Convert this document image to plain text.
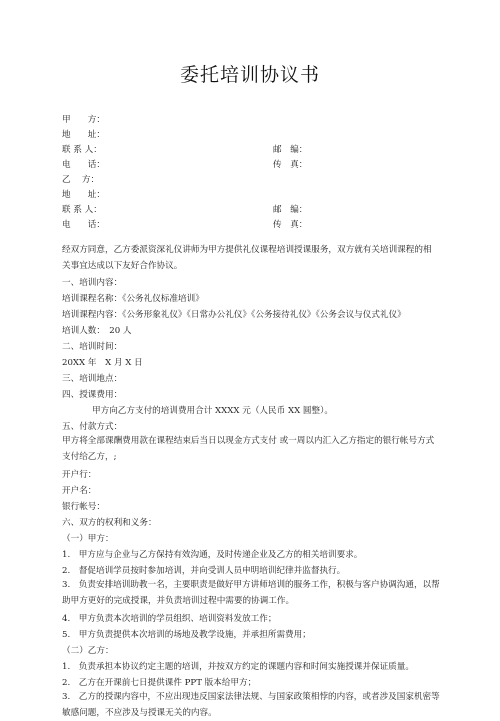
委托培训协议书
甲　　方：
地　　址：
联 系 人：	邮　编：
电　　话：	传　真：
乙　 方：
地　　址：
联 系 人：	邮　编：
电　　话：	传　真：
经双方同意，乙方委派资深礼仪讲师为甲方提供礼仪课程培训授课服务，双方就有关培训课程的相关事宜达成以下友好合作协议。
一、培训内容：
培训课程名称：《公务礼仪标准培训》
培训课程内容：《公务形象礼仪》《日常办公礼仪》《公务接待礼仪》《公务会议与仪式礼仪》
培训人数：　20 人
二、培训时间：
20XX 年　X 月 X 日
三、培训地点：
四、授课费用：
甲方向乙方支付的培训费用合计 XXXX 元（人民币 XX 圆整）。
五、付款方式：
甲方将全部课酬费用款在课程结束后当日以现金方式支付 或一周以内汇入乙方指定的银行帐号方式支付给乙方，;
开户行：
开户名：
银行帐号：
六、双方的权利和义务：
（一）甲方：
1.　甲方应与企业与乙方保持有效沟通，及时传递企业及乙方的相关培训要求。
2.　督促培训学员按时参加培训，并向受训人员申明培训纪律并监督执行。
3.　负责安排培训助教一名，主要职责是做好甲方讲师培训的服务工作，积极与客户协调沟通，以帮助甲方更好的完成授课，并负责培训过程中需要的协调工作。
4.　甲方负责本次培训的学员组织、培训资料发放工作；
5.　甲方负责提供本次培训的场地及教学设施，并承担所需费用；
（二）乙方：
1.　负责承担本协议约定主题的培训，并按双方约定的课题内容和时间实施授课并保证质量。
2.　乙方在开课前七日提供课件 PPT 版本给甲方；
3.　乙方的授课内容中，不应出现违反国家法律法规、与国家政策相悖的内容，或者涉及国家机密等敏感问题，不应涉及与授课无关的内容。
